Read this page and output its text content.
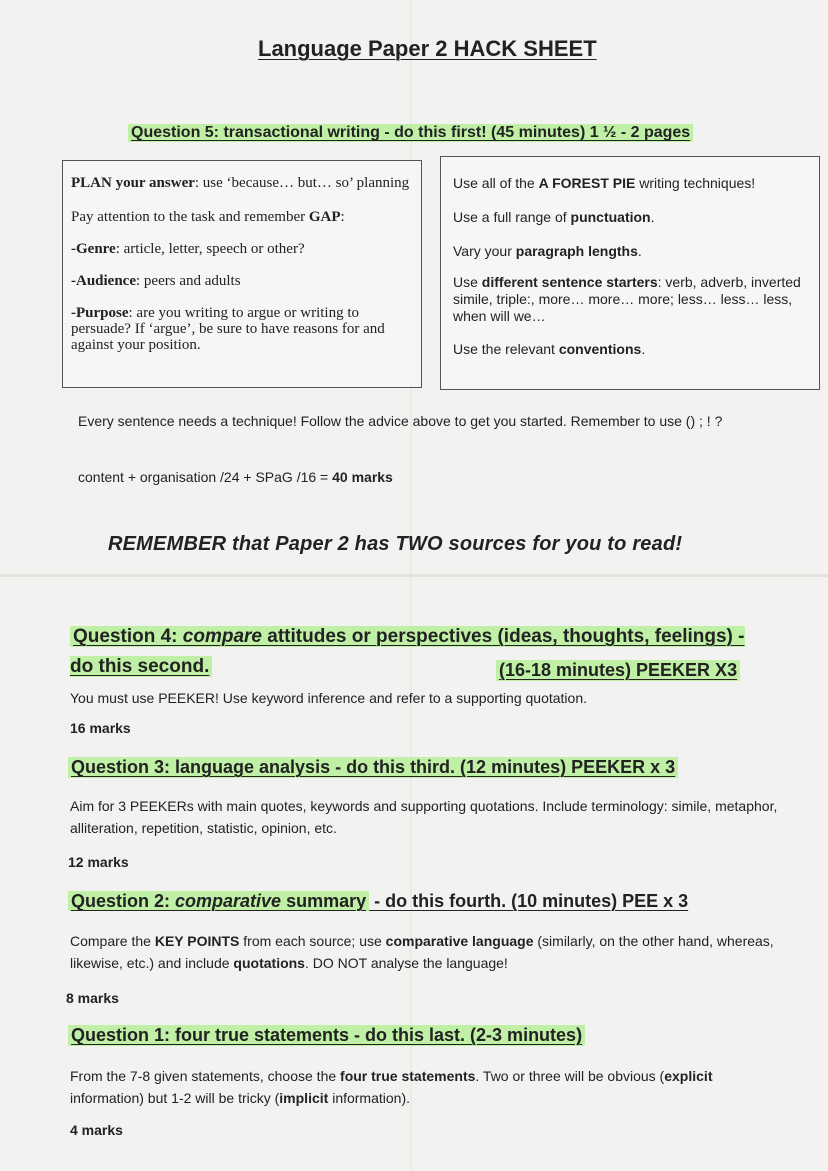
Language Paper 2 HACK SHEET
Question 5: transactional writing - do this first! (45 minutes) 1 ½ - 2 pages
PLAN your answer: use ‘because… but… so’ planning
Pay attention to the task and remember GAP:
-Genre: article, letter, speech or other?
-Audience: peers and adults
-Purpose: are you writing to argue or writing to persuade? If ‘argue’, be sure to have reasons for and against your position.
Use all of the A FOREST PIE writing techniques!
Use a full range of punctuation.
Vary your paragraph lengths.
Use different sentence starters: verb, adverb, inverted simile, triple:, more… more… more; less… less… less, when will we…
Use the relevant conventions.
Every sentence needs a technique! Follow the advice above to get you started. Remember to use () ; ! ?
content + organisation /24 + SPaG /16 = 40 marks
REMEMBER that Paper 2 has TWO sources for you to read!
Question 4: compare attitudes or perspectives (ideas, thoughts, feelings) - do this second.	(16-18 minutes) PEEKER X3
You must use PEEKER! Use keyword inference and refer to a supporting quotation.
16 marks
Question 3: language analysis - do this third. (12 minutes) PEEKER x 3
Aim for 3 PEEKERs with main quotes, keywords and supporting quotations. Include terminology: simile, metaphor, alliteration, repetition, statistic, opinion, etc.
12 marks
Question 2: comparative summary - do this fourth. (10 minutes) PEE x 3
Compare the KEY POINTS from each source; use comparative language (similarly, on the other hand, whereas, likewise, etc.) and include quotations. DO NOT analyse the language!
8 marks
Question 1: four true statements - do this last. (2-3 minutes)
From the 7-8 given statements, choose the four true statements. Two or three will be obvious (explicit information) but 1-2 will be tricky (implicit information).
4 marks
